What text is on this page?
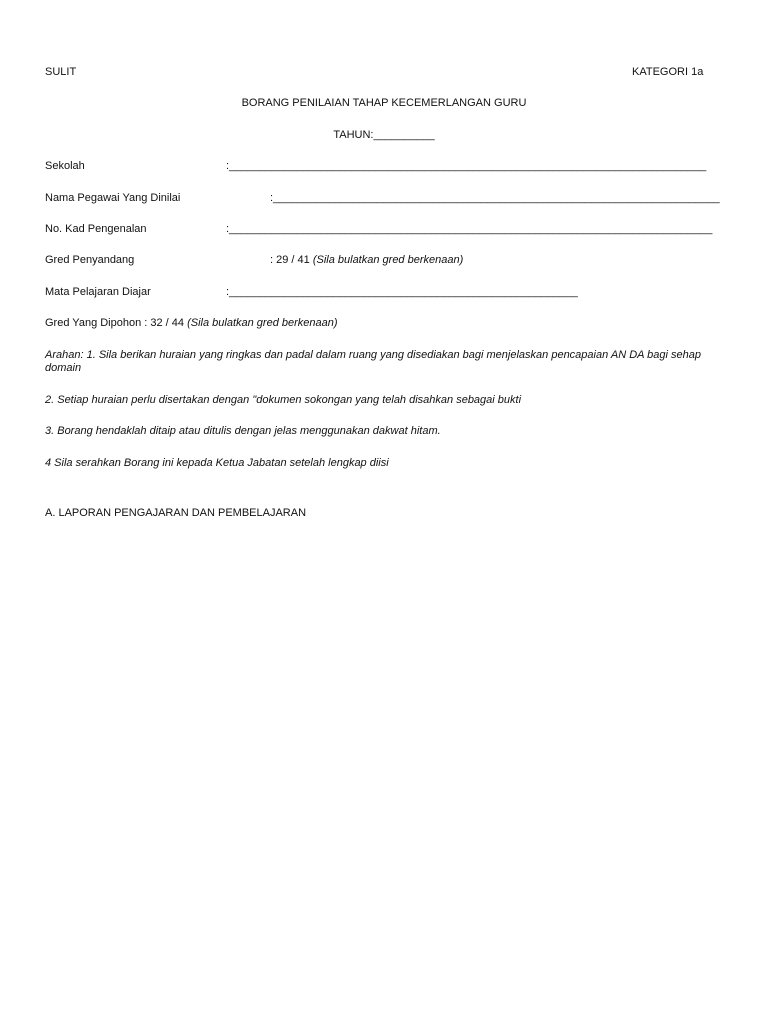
SULIT	KATEGORI 1a
BORANG PENILAIAN TAHAP KECEMERLANGAN GURU
TAHUN:__________
Sekolah	:______________________________________________________________________________
Nama Pegawai Yang Dinilai	:_________________________________________________________________________
No. Kad Pengenalan	:_______________________________________________________________________________
Gred Penyandang	: 29 / 41 (Sila bulatkan gred berkenaan)
Mata Pelajaran Diajar	:_________________________________________________________
Gred Yang Dipohon : 32 / 44 (Sila bulatkan gred berkenaan)
Arahan: 1. Sila berikan huraian yang ringkas dan padal dalam ruang yang disediakan bagi menjelaskan pencapaian AN DA bagi sehap
domain
2. Setiap huraian perlu disertakan dengan "dokumen sokongan yang telah disahkan sebagai bukti
3. Borang hendaklah ditaip atau ditulis dengan jelas menggunakan dakwat hitam.
4 Sila serahkan Borang ini kepada Ketua Jabatan setelah lengkap diisi
A. LAPORAN PENGAJARAN DAN PEMBELAJARAN
